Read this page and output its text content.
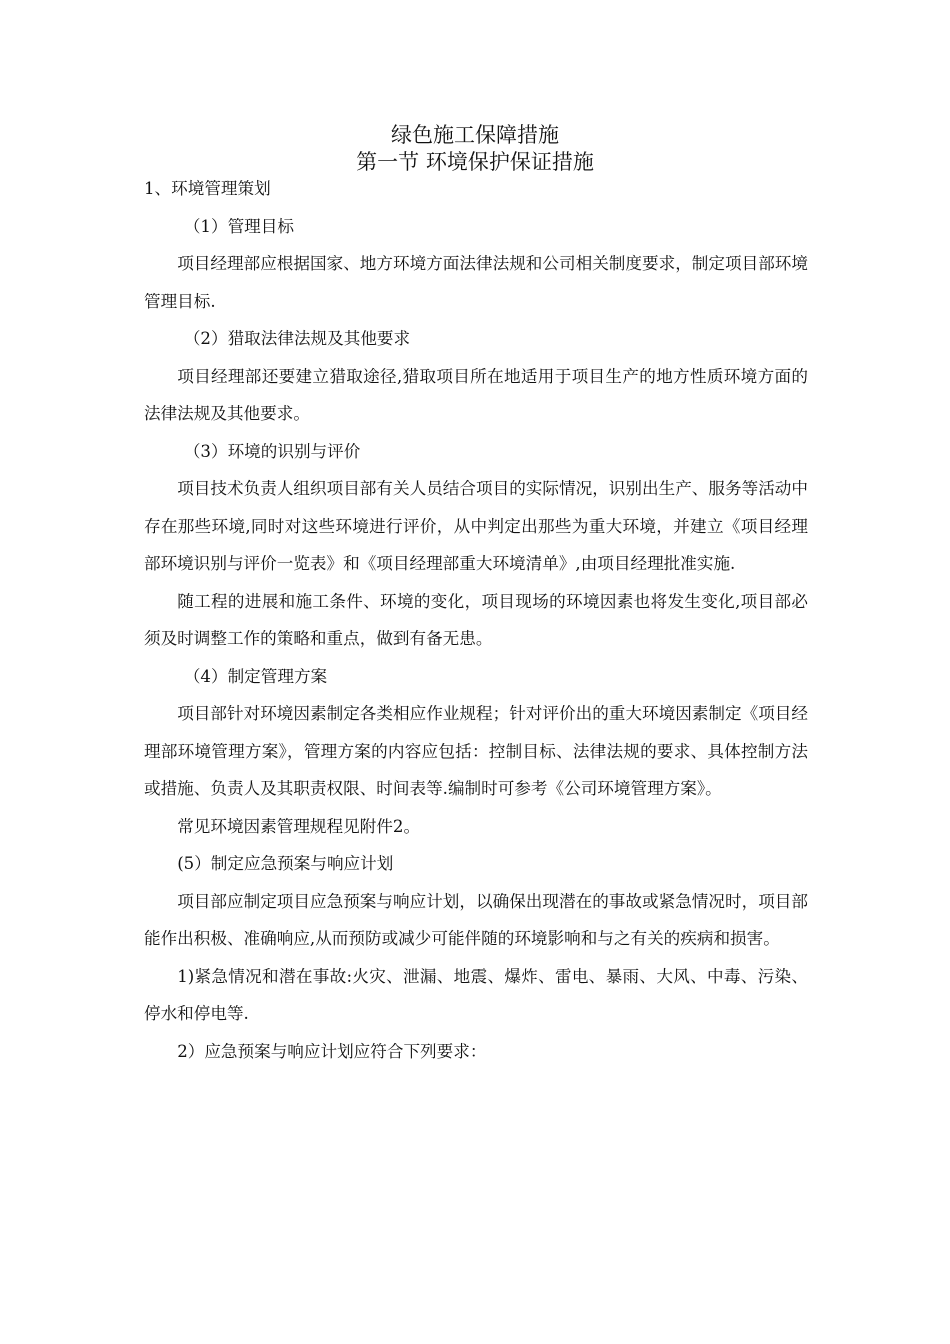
绿色施工保障措施
第一节 环境保护保证措施

1、环境管理策划

（1）管理目标

项目经理部应根据国家、地方环境方面法律法规和公司相关制度要求，制定项目部环境管理目标.

（2）猎取法律法规及其他要求

项目经理部还要建立猎取途径,猎取项目所在地适用于项目生产的地方性质环境方面的法律法规及其他要求。

（3）环境的识别与评价

项目技术负责人组织项目部有关人员结合项目的实际情况，识别出生产、服务等活动中存在那些环境,同时对这些环境进行评价，从中判定出那些为重大环境，并建立《项目经理部环境识别与评价一览表》和《项目经理部重大环境清单》,由项目经理批准实施.

随工程的进展和施工条件、环境的变化，项目现场的环境因素也将发生变化,项目部必须及时调整工作的策略和重点，做到有备无患。

（4）制定管理方案

项目部针对环境因素制定各类相应作业规程；针对评价出的重大环境因素制定《项目经理部环境管理方案》，管理方案的内容应包括：控制目标、法律法规的要求、具体控制方法或措施、负责人及其职责权限、时间表等.编制时可参考《公司环境管理方案》。

常见环境因素管理规程见附件2。

(5）制定应急预案与响应计划

项目部应制定项目应急预案与响应计划，以确保出现潜在的事故或紧急情况时，项目部能作出积极、准确响应,从而预防或减少可能伴随的环境影响和与之有关的疾病和损害。

1)紧急情况和潜在事故:火灾、泄漏、地震、爆炸、雷电、暴雨、大风、中毒、污染、停水和停电等.

2）应急预案与响应计划应符合下列要求：
